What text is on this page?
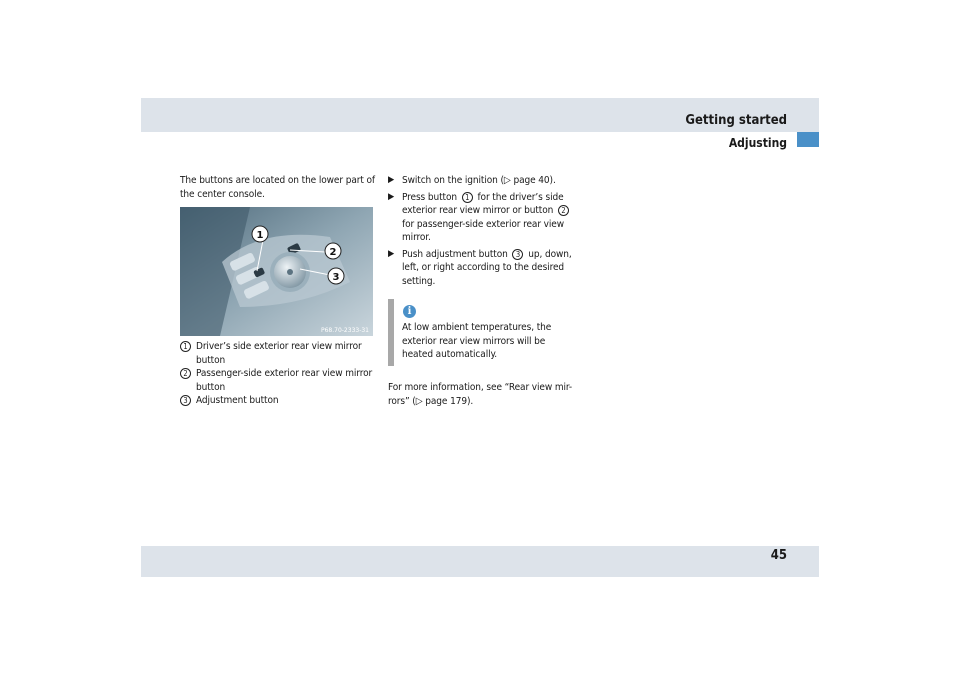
Getting started
Adjusting
The buttons are located on the lower part of the center console.
1
2
3
P68.70-2333-31
1 Driver’s side exterior rear view mirror button
2 Passenger-side exterior rear view mirror button
3 Adjustment button
▶ Switch on the ignition (▷ page 40).
▶ Press button 1 for the driver’s side exterior rear view mirror or button 2 for passenger-side exterior rear view mirror.
▶ Push adjustment button 3 up, down, left, or right according to the desired setting.
i
At low ambient temperatures, the exterior rear view mirrors will be heated automatically.
For more information, see “Rear view mir-rors” (▷ page 179).
45
